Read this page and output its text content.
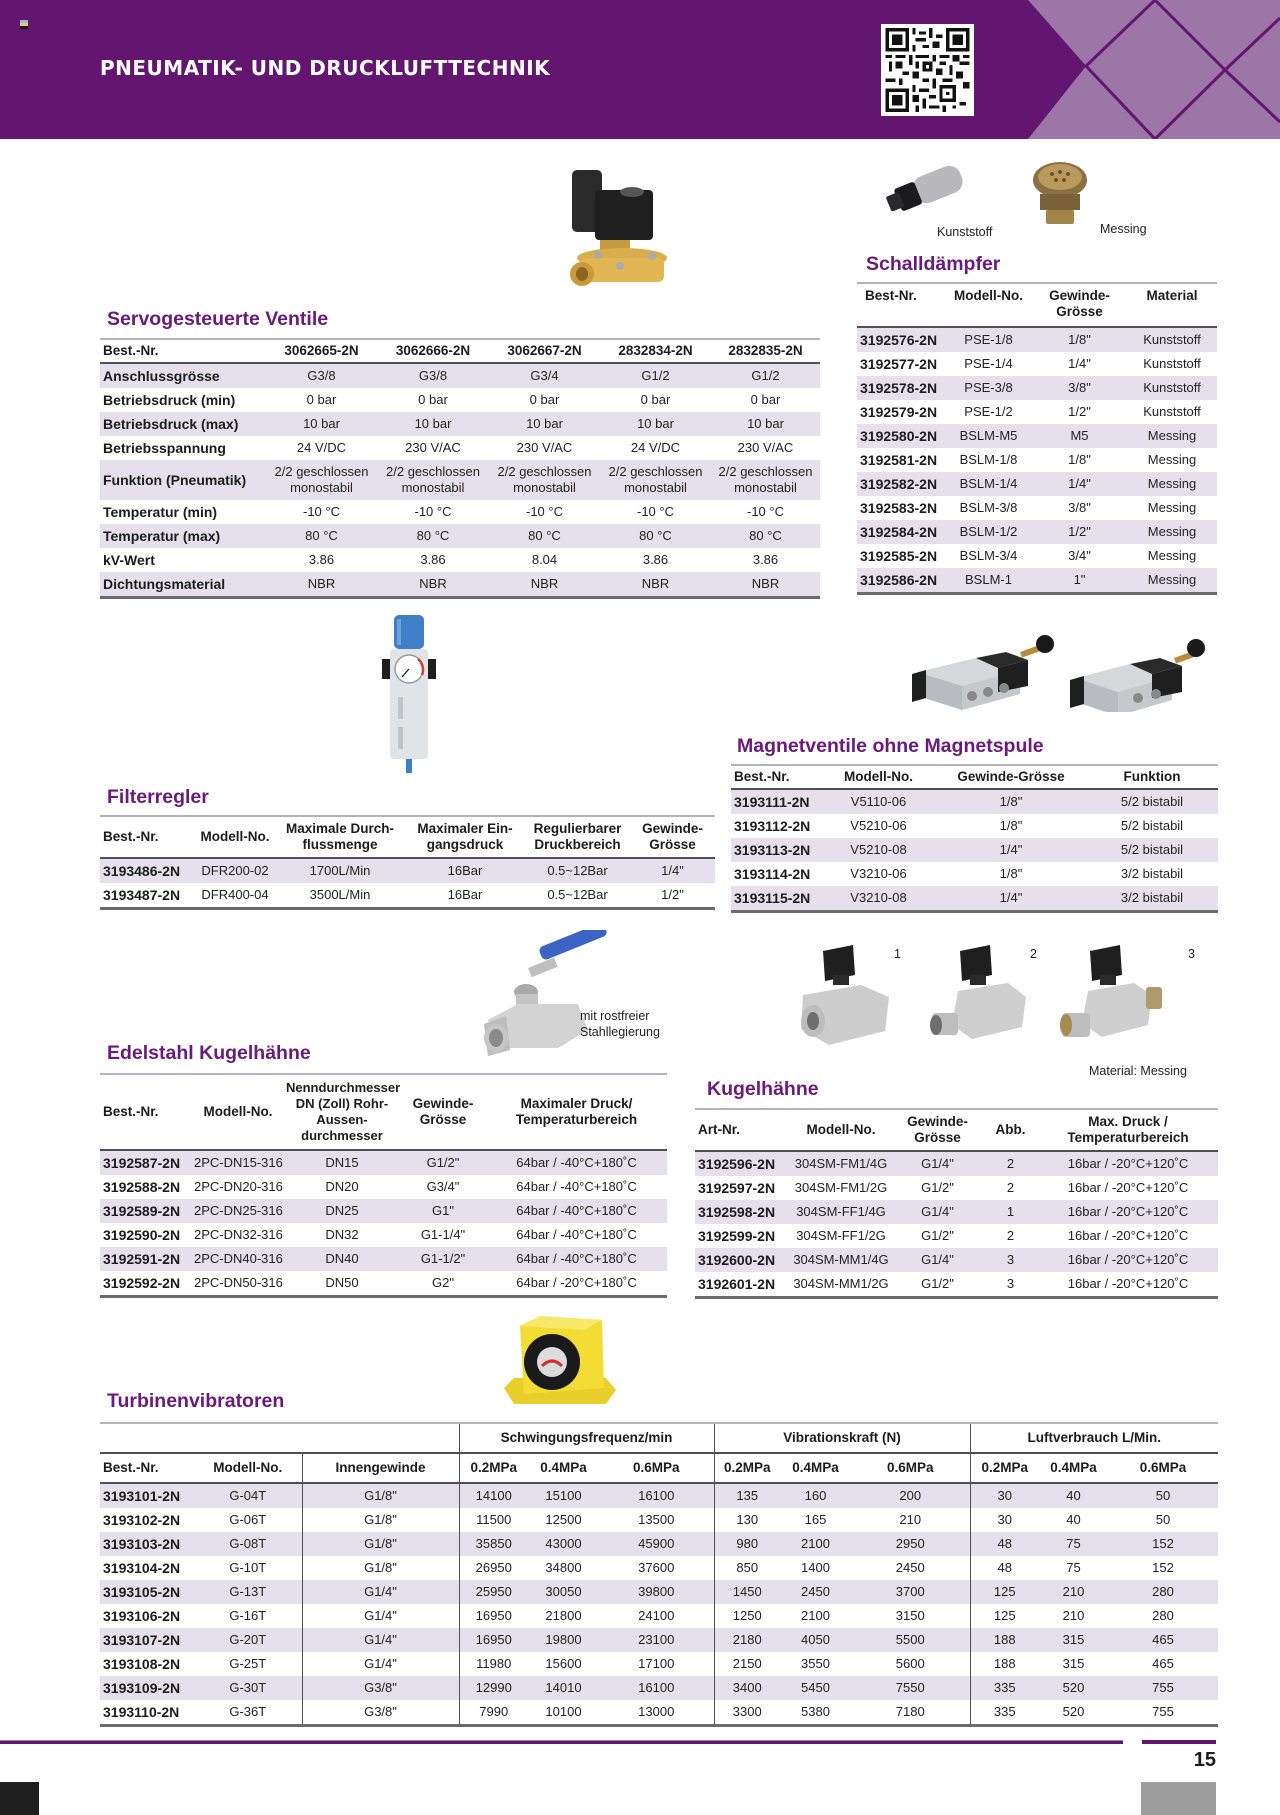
PNEUMATIK- UND DRUCKLUFTTECHNIK
Servogesteuerte Ventile
Best.-Nr.	3062665-2N	3062666-2N	3062667-2N	2832834-2N	2832835-2N
Anschlussgrösse	G3/8	G3/8	G3/4	G1/2	G1/2
Betriebsdruck (min)	0 bar	0 bar	0 bar	0 bar	0 bar
Betriebsdruck (max)	10 bar	10 bar	10 bar	10 bar	10 bar
Betriebsspannung	24 V/DC	230 V/AC	230 V/AC	24 V/DC	230 V/AC
Funktion (Pneumatik)	2/2 geschlossen monostabil	2/2 geschlossen monostabil	2/2 geschlossen monostabil	2/2 geschlossen monostabil	2/2 geschlossen monostabil
Temperatur (min)	-10 °C	-10 °C	-10 °C	-10 °C	-10 °C
Temperatur (max)	80 °C	80 °C	80 °C	80 °C	80 °C
kV-Wert	3.86	3.86	8.04	3.86	3.86
Dichtungsmaterial	NBR	NBR	NBR	NBR	NBR
Kunststoff	Messing
Schalldämpfer
Best-Nr.	Modell-No.	Gewinde-Grösse	Material
3192576-2N	PSE-1/8	1/8"	Kunststoff
3192577-2N	PSE-1/4	1/4"	Kunststoff
3192578-2N	PSE-3/8	3/8"	Kunststoff
3192579-2N	PSE-1/2	1/2"	Kunststoff
3192580-2N	BSLM-M5	M5	Messing
3192581-2N	BSLM-1/8	1/8"	Messing
3192582-2N	BSLM-1/4	1/4"	Messing
3192583-2N	BSLM-3/8	3/8"	Messing
3192584-2N	BSLM-1/2	1/2"	Messing
3192585-2N	BSLM-3/4	3/4"	Messing
3192586-2N	BSLM-1	1"	Messing
Filterregler
Best.-Nr.	Modell-No.	Maximale Durch-flussmenge	Maximaler Ein-gangsdruck	Regulierbarer Druckbereich	Gewinde-Grösse
3193486-2N	DFR200-02	1700L/Min	16Bar	0.5~12Bar	1/4"
3193487-2N	DFR400-04	3500L/Min	16Bar	0.5~12Bar	1/2"
Magnetventile ohne Magnetspule
Best.-Nr.	Modell-No.	Gewinde-Grösse	Funktion
3193111-2N	V5110-06	1/8"	5/2 bistabil
3193112-2N	V5210-06	1/8"	5/2 bistabil
3193113-2N	V5210-08	1/4"	5/2 bistabil
3193114-2N	V3210-06	1/8"	3/2 bistabil
3193115-2N	V3210-08	1/4"	3/2 bistabil
mit rostfreier Stahllegierung
Edelstahl Kugelhähne
Best.-Nr.	Modell-No.	Nenndurchmesser DN (Zoll) Rohr-Aussen-durchmesser	Gewinde-Grösse	Maximaler Druck/ Temperaturbereich
3192587-2N	2PC-DN15-316	DN15	G1/2"	64bar / -40°C+180˚C
3192588-2N	2PC-DN20-316	DN20	G3/4"	64bar / -40°C+180˚C
3192589-2N	2PC-DN25-316	DN25	G1"	64bar / -40°C+180˚C
3192590-2N	2PC-DN32-316	DN32	G1-1/4"	64bar / -40°C+180˚C
3192591-2N	2PC-DN40-316	DN40	G1-1/2"	64bar / -40°C+180˚C
3192592-2N	2PC-DN50-316	DN50	G2"	64bar / -20°C+180˚C
1	2	3
Material: Messing
Kugelhähne
Art-Nr.	Modell-No.	Gewinde-Grösse	Abb.	Max. Druck / Temperaturbereich
3192596-2N	304SM-FM1/4G	G1/4"	2	16bar / -20°C+120˚C
3192597-2N	304SM-FM1/2G	G1/2"	2	16bar / -20°C+120˚C
3192598-2N	304SM-FF1/4G	G1/4"	1	16bar / -20°C+120˚C
3192599-2N	304SM-FF1/2G	G1/2"	2	16bar / -20°C+120˚C
3192600-2N	304SM-MM1/4G	G1/4"	3	16bar / -20°C+120˚C
3192601-2N	304SM-MM1/2G	G1/2"	3	16bar / -20°C+120˚C
Turbinenvibratoren
			Schwingungsfrequenz/min			Vibrationskraft (N)			Luftverbrauch L/Min.		
Best.-Nr.	Modell-No.	Innengewinde	0.2MPa	0.4MPa	0.6MPa	0.2MPa	0.4MPa	0.6MPa	0.2MPa	0.4MPa	0.6MPa
3193101-2N	G-04T	G1/8"	14100	15100	16100	135	160	200	30	40	50
3193102-2N	G-06T	G1/8"	11500	12500	13500	130	165	210	30	40	50
3193103-2N	G-08T	G1/8"	35850	43000	45900	980	2100	2950	48	75	152
3193104-2N	G-10T	G1/8"	26950	34800	37600	850	1400	2450	48	75	152
3193105-2N	G-13T	G1/4"	25950	30050	39800	1450	2450	3700	125	210	280
3193106-2N	G-16T	G1/4"	16950	21800	24100	1250	2100	3150	125	210	280
3193107-2N	G-20T	G1/4"	16950	19800	23100	2180	4050	5500	188	315	465
3193108-2N	G-25T	G1/4"	11980	15600	17100	2150	3550	5600	188	315	465
3193109-2N	G-30T	G3/8"	12990	14010	16100	3400	5450	7550	335	520	755
3193110-2N	G-36T	G3/8"	7990	10100	13000	3300	5380	7180	335	520	755
15
